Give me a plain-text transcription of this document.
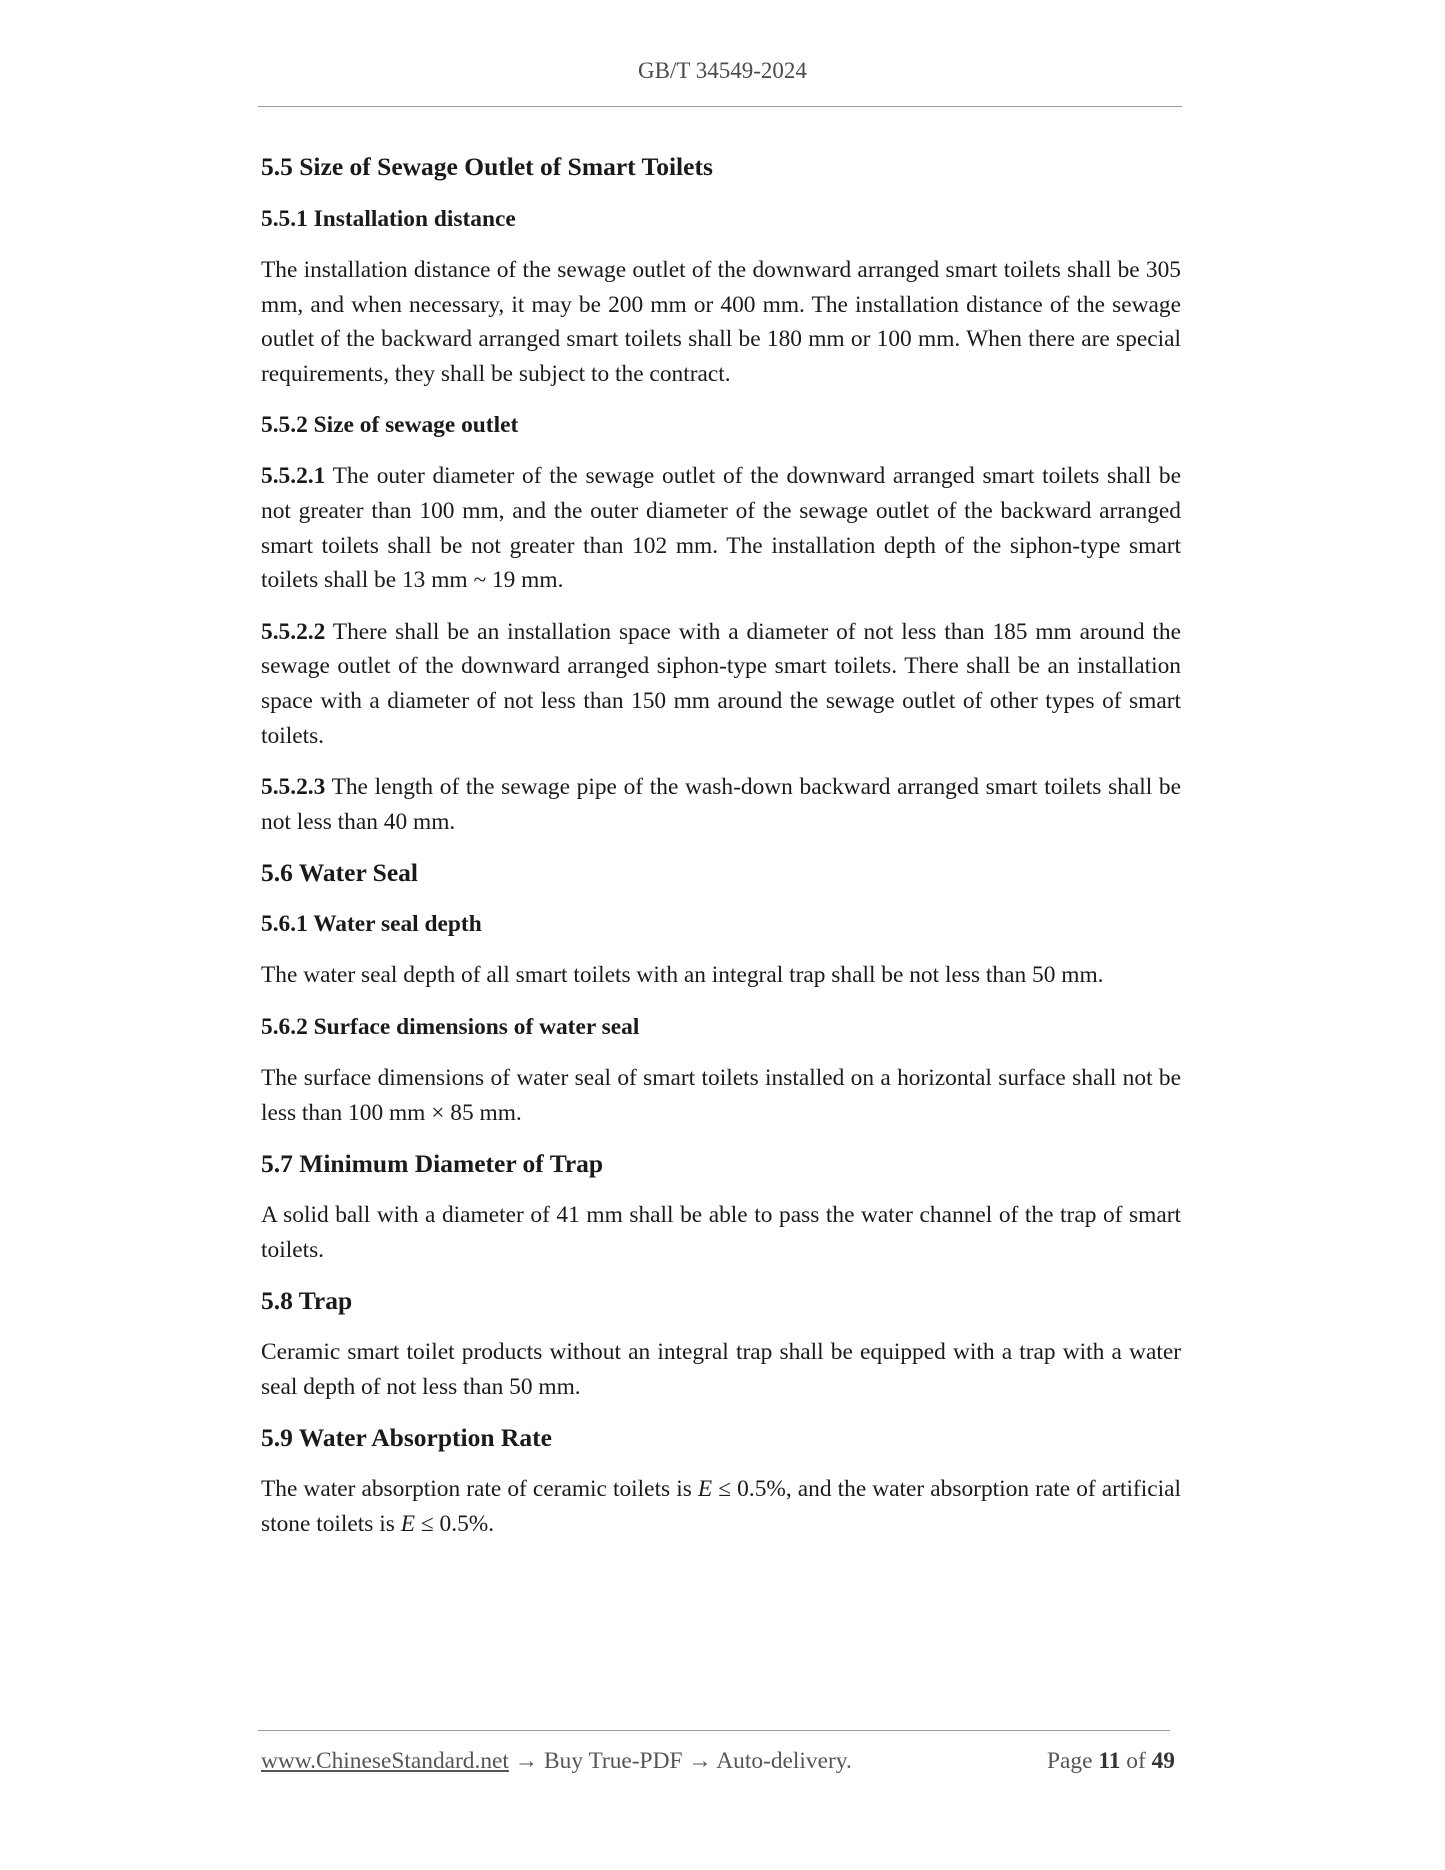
GB/T 34549-2024
5.5 Size of Sewage Outlet of Smart Toilets
5.5.1 Installation distance

The installation distance of the sewage outlet of the downward arranged smart toilets shall be 305 mm, and when necessary, it may be 200 mm or 400 mm. The installation distance of the sewage outlet of the backward arranged smart toilets shall be 180 mm or 100 mm. When there are special requirements, they shall be subject to the contract.

5.5.2 Size of sewage outlet

5.5.2.1 The outer diameter of the sewage outlet of the downward arranged smart toilets shall be not greater than 100 mm, and the outer diameter of the sewage outlet of the backward arranged smart toilets shall be not greater than 102 mm. The installation depth of the siphon-type smart toilets shall be 13 mm ~ 19 mm.

5.5.2.2 There shall be an installation space with a diameter of not less than 185 mm around the sewage outlet of the downward arranged siphon-type smart toilets. There shall be an installation space with a diameter of not less than 150 mm around the sewage outlet of other types of smart toilets.

5.5.2.3 The length of the sewage pipe of the wash-down backward arranged smart toilets shall be not less than 40 mm.

5.6 Water Seal
5.6.1 Water seal depth

The water seal depth of all smart toilets with an integral trap shall be not less than 50 mm.

5.6.2 Surface dimensions of water seal

The surface dimensions of water seal of smart toilets installed on a horizontal surface shall not be less than 100 mm × 85 mm.

5.7 Minimum Diameter of Trap

A solid ball with a diameter of 41 mm shall be able to pass the water channel of the trap of smart toilets.

5.8 Trap

Ceramic smart toilet products without an integral trap shall be equipped with a trap with a water seal depth of not less than 50 mm.

5.9 Water Absorption Rate

The water absorption rate of ceramic toilets is E ≤ 0.5%, and the water absorption rate of artificial stone toilets is E ≤ 0.5%.

www.ChineseStandard.net → Buy True-PDF → Auto-delivery.	Page 11 of 49
